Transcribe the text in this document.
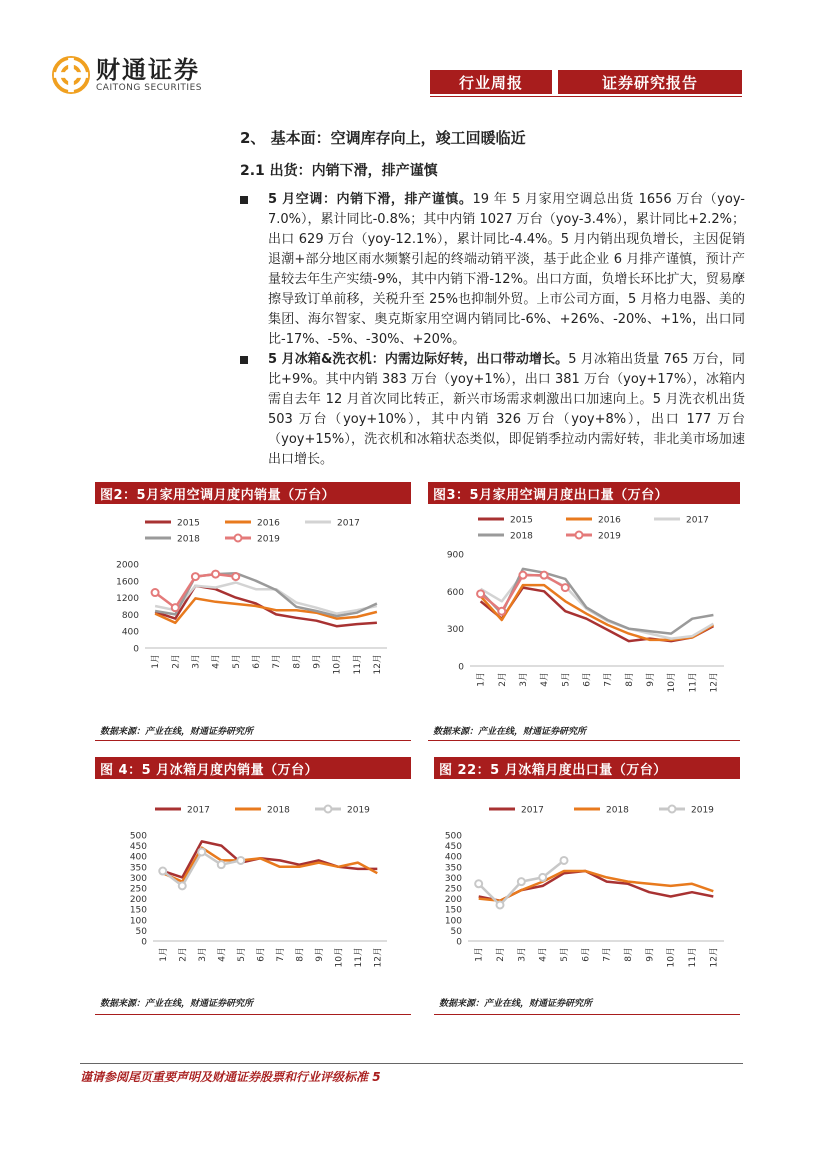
财通证券
CAITONG SECURITIES	行业周报	证券研究报告
2、 基本面：空调库存向上，竣工回暖临近
2.1 出货：内销下滑，排产谨慎
5 月空调：内销下滑，排产谨慎。19 年 5 月家用空调总出货 1656 万台（yoy-7.0%），累计同比-0.8%；其中内销 1027 万台（yoy-3.4%），累计同比+2.2%；出口 629 万台（yoy-12.1%），累计同比-4.4%。5 月内销出现负增长，主因促销退潮+部分地区雨水频繁引起的终端动销平淡，基于此企业 6 月排产谨慎，预计产量较去年生产实绩-9%，其中内销下滑-12%。出口方面，负增长环比扩大，贸易摩擦导致订单前移，关税升至 25%也抑制外贸。上市公司方面，5 月格力电器、美的集团、海尔智家、奥克斯家用空调内销同比-6%、+26%、-20%、+1%，出口同比-17%、-5%、-30%、+20%。
5 月冰箱&洗衣机：内需边际好转，出口带动增长。5 月冰箱出货量 765 万台，同比+9%。其中内销 383 万台（yoy+1%），出口 381 万台（yoy+17%），冰箱内需自去年 12 月首次同比转正，新兴市场需求刺激出口加速向上。5 月洗衣机出货 503 万台（yoy+10%），其中内销 326 万台（yoy+8%），出口 177 万台（yoy+15%），洗衣机和冰箱状态类似，即促销季拉动内需好转，非北美市场加速出口增长。
图2：5月家用空调月度内销量（万台）	图3：5月家用空调月度出口量（万台）
2015	2016	2017
2018	2019
0
400
800
1200
1600
2000
1月 2月 3月 4月 5月 6月 7月 8月 9月 10月 11月 12月
2015	2016	2017
2018	2019
0
300
600
900
1月 2月 3月 4月 5月 6月 7月 8月 9月 10月 11月 12月
数据来源：产业在线，财通证券研究所	数据来源：产业在线，财通证券研究所
图 4：5 月冰箱月度内销量（万台）	图 22：5 月冰箱月度出口量（万台）
2017	2018	2019
0
50
100
150
200
250
300
350
400
450
500
1月 2月 3月 4月 5月 6月 7月 8月 9月 10月 11月 12月
2017	2018	2019
0
50
100
150
200
250
300
350
400
450
500
1月 2月 3月 4月 5月 6月 7月 8月 9月 10月 11月 12月
数据来源：产业在线，财通证券研究所	数据来源：产业在线，财通证券研究所
谨请参阅尾页重要声明及财通证券股票和行业评级标准 5
